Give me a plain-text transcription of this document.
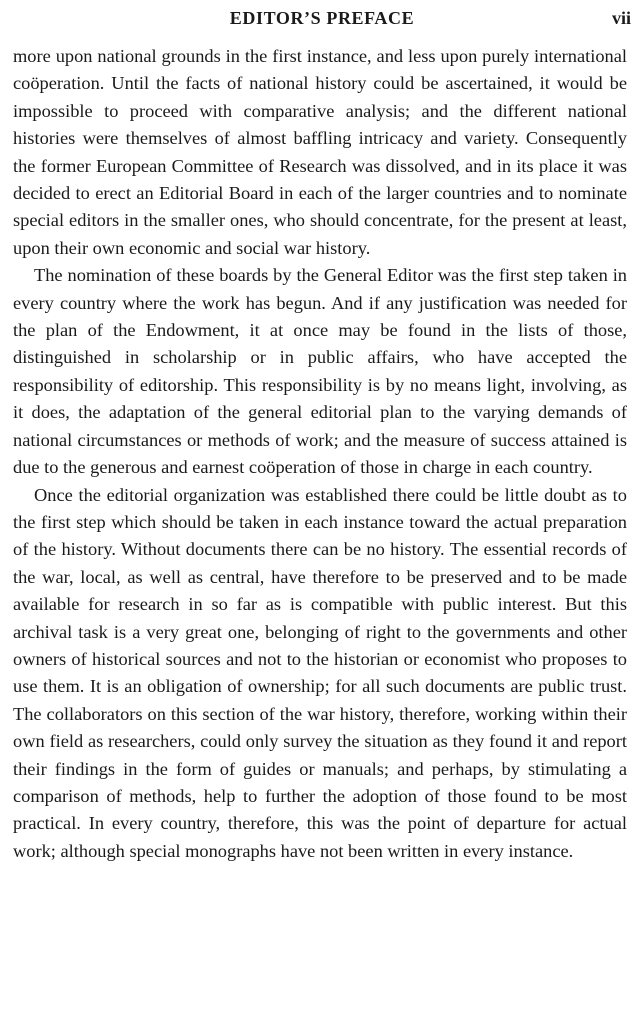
EDITOR’S PREFACE	vii

more upon national grounds in the first instance, and less upon purely international coöperation. Until the facts of national history could be ascertained, it would be impossible to proceed with comparative analysis; and the different national histories were themselves of almost baffling intricacy and variety. Consequently the former European Committee of Research was dissolved, and in its place it was decided to erect an Editorial Board in each of the larger countries and to nominate special editors in the smaller ones, who should concentrate, for the present at least, upon their own economic and social war history.

The nomination of these boards by the General Editor was the first step taken in every country where the work has begun. And if any justification was needed for the plan of the Endowment, it at once may be found in the lists of those, distinguished in scholarship or in public affairs, who have accepted the responsibility of editorship. This responsibility is by no means light, involving, as it does, the adaptation of the general editorial plan to the varying demands of national circumstances or methods of work; and the measure of success attained is due to the generous and earnest coöperation of those in charge in each country.

Once the editorial organization was established there could be little doubt as to the first step which should be taken in each instance toward the actual preparation of the history. Without documents there can be no history. The essential records of the war, local, as well as central, have therefore to be preserved and to be made available for research in so far as is compatible with public interest. But this archival task is a very great one, belonging of right to the governments and other owners of historical sources and not to the historian or economist who proposes to use them. It is an obligation of ownership; for all such documents are public trust. The collaborators on this section of the war history, therefore, working within their own field as researchers, could only survey the situation as they found it and report their findings in the form of guides or manuals; and perhaps, by stimulating a comparison of methods, help to further the adoption of those found to be most practical. In every country, therefore, this was the point of departure for actual work; although special monographs have not been written in every instance.
